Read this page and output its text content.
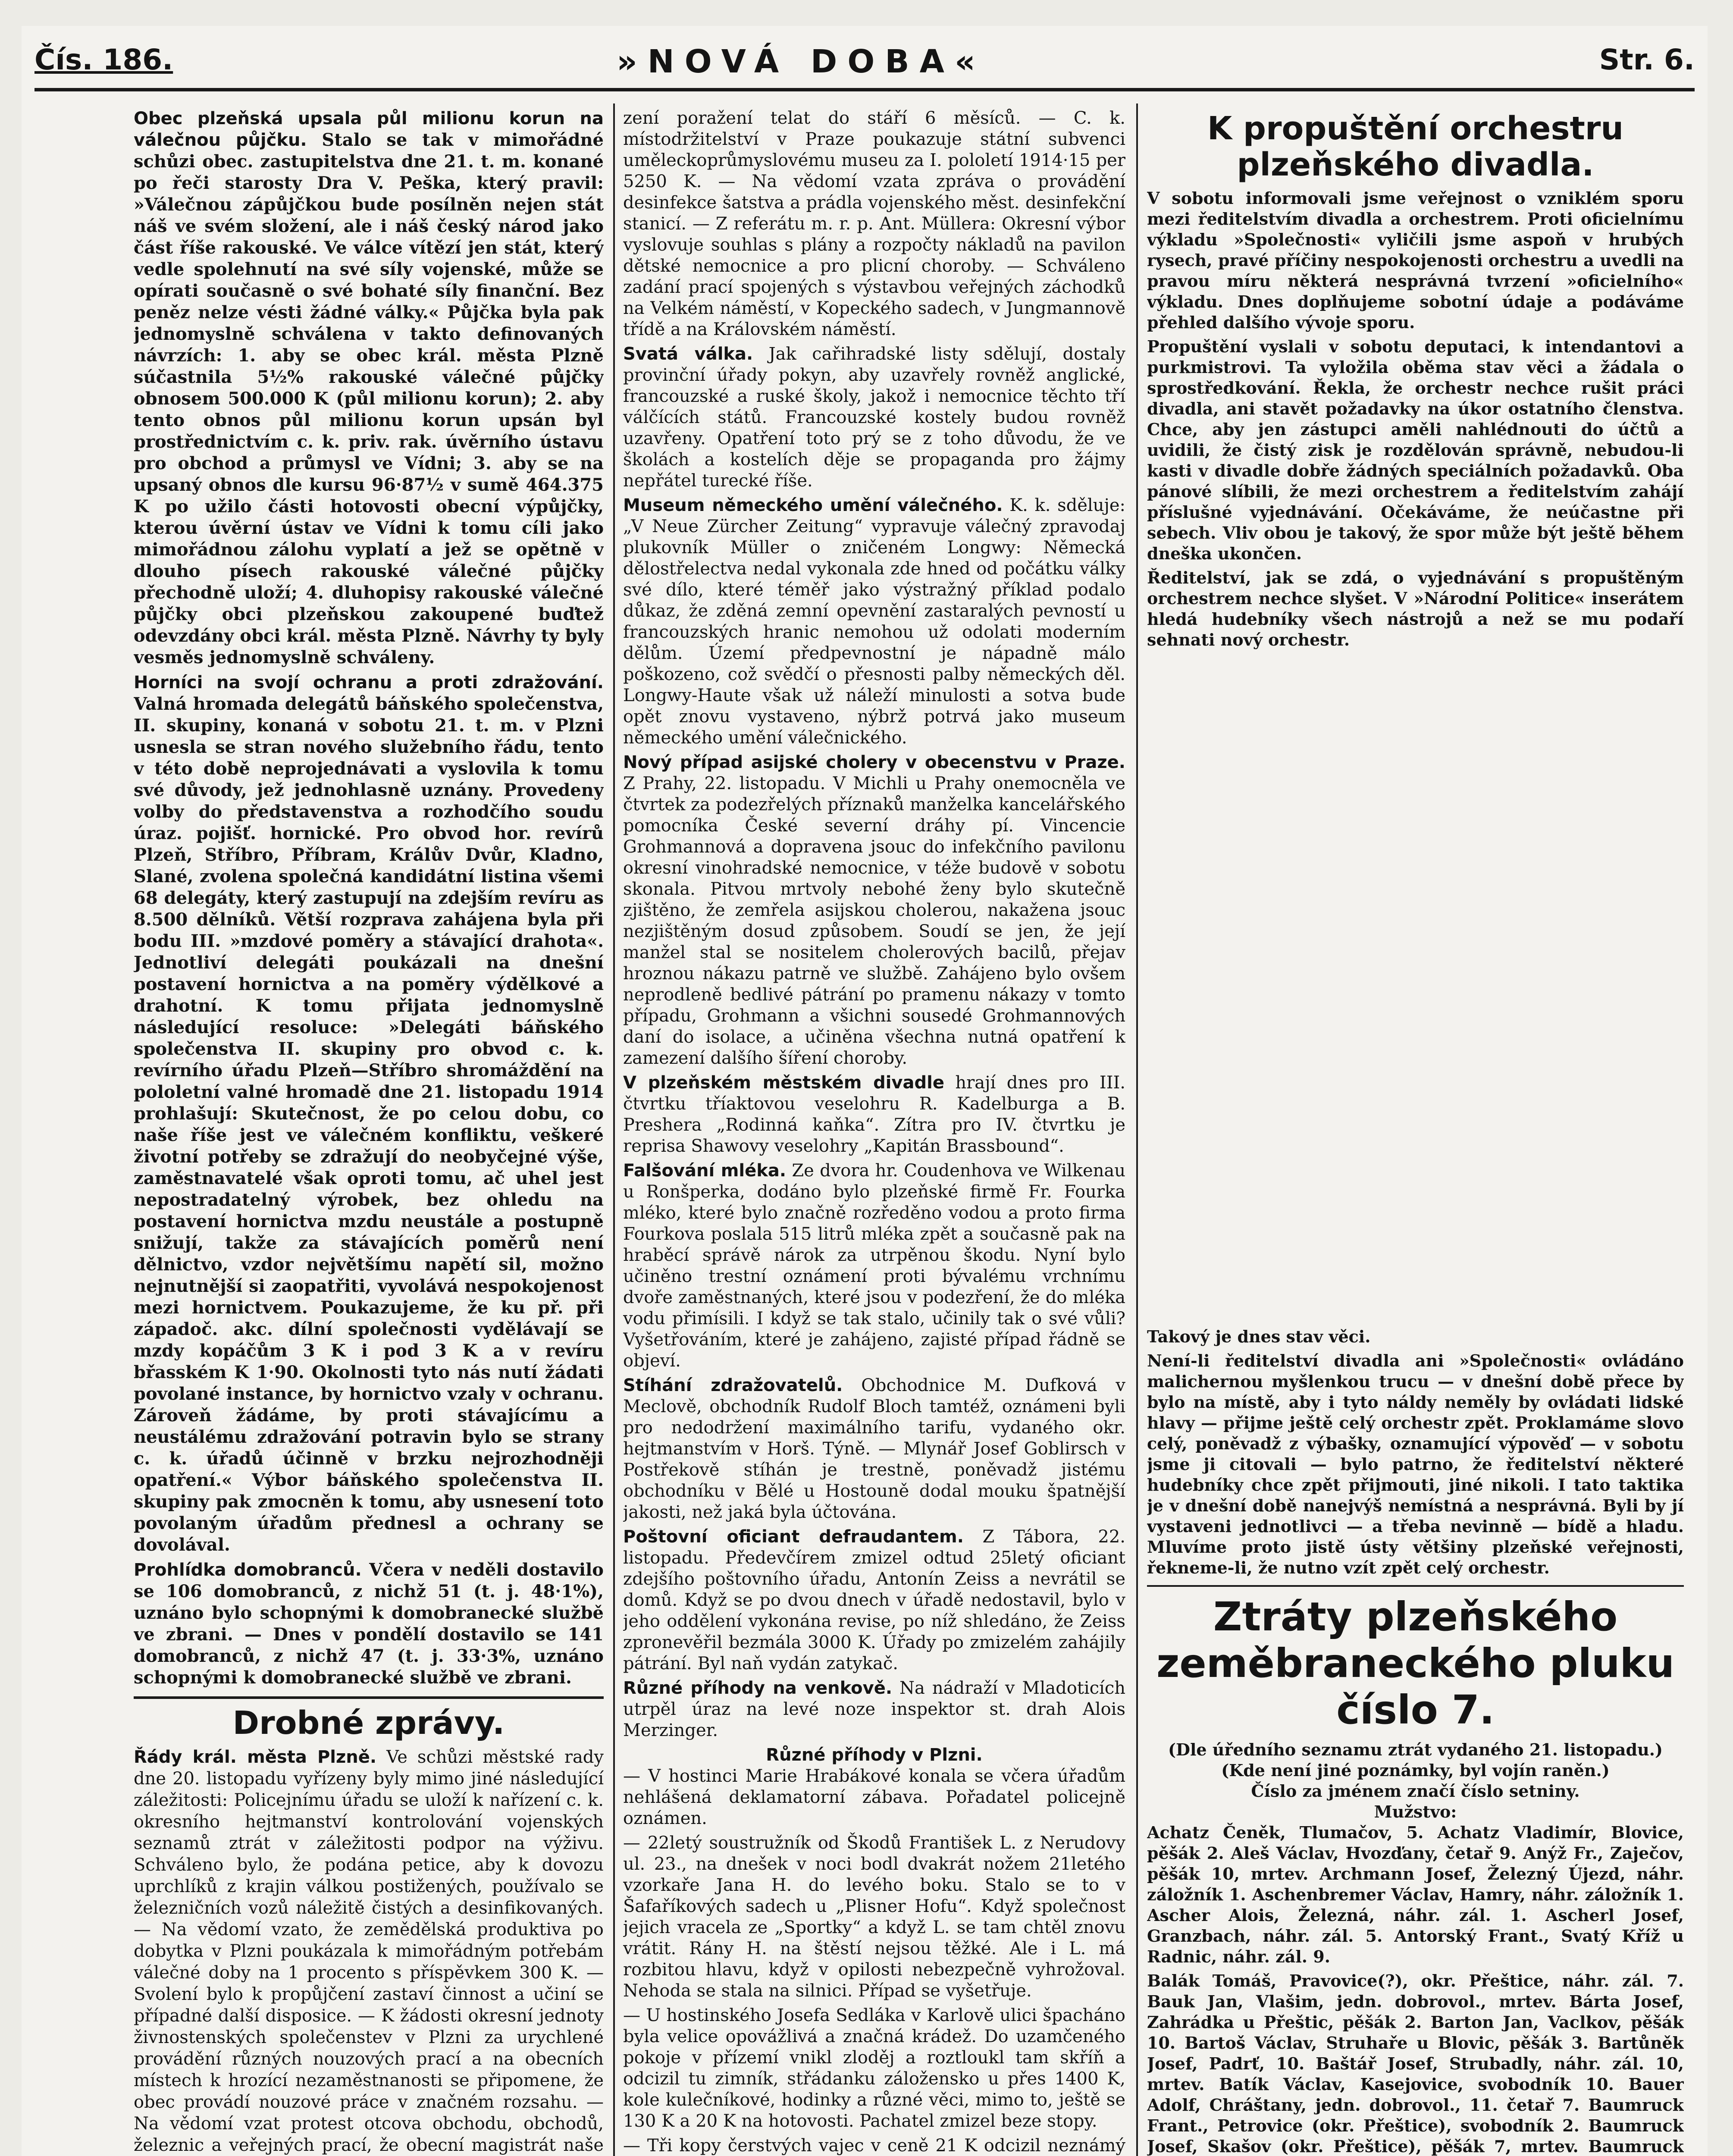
Čís. 186.	»NOVÁ DOBA«	Str. 6.

Obec plzeňská upsala půl milionu korun na válečnou půjčku. Stalo se tak v mimořádné schůzi obec. zastupitelstva dne 21. t. m. konané po řeči starosty Dra V. Peška, který pravil: »Válečnou zápůjčkou bude posílněn nejen stát náš ve svém složení, ale i náš český národ jako část říše rakouské. Ve válce vítězí jen stát, který vedle spolehnutí na své síly vojenské, může se opírati současně o své bohaté síly finanční. Bez peněz nelze vésti žádné války.« Půjčka byla pak jednomyslně schválena v takto definovaných návrzích: 1. aby se obec král. města Plzně súčastnila 5½% rakouské válečné půjčky obnosem 500.000 K (půl milionu korun); 2. aby tento obnos půl milionu korun upsán byl prostřednictvím c. k. priv. rak. úvěrního ústavu pro obchod a průmysl ve Vídni; 3. aby se na upsaný obnos dle kursu 96·87½ v sumě 464.375 K po užilo části hotovosti obecní výpůjčky, kterou úvěrní ústav ve Vídni k tomu cíli jako mimořádnou zálohu vyplatí a jež se opětně v dlouho písech rakouské válečné půjčky přechodně uloží; 4. dluhopisy rakouské válečné půjčky obci plzeňskou zakoupené buďtež odevzdány obci král. města Plzně. Návrhy ty byly vesměs jednomyslně schváleny.

Horníci na svojí ochranu a proti zdražování. Valná hromada delegátů báňského společenstva, II. skupiny, konaná v sobotu 21. t. m. v Plzni usnesla se stran nového služebního řádu, tento v této době neprojednávati a vyslovila k tomu své důvody, jež jednohlasně uznány. Provedeny volby do představenstva a rozhodčího soudu úraz. pojišť. hornické. Pro obvod hor. revírů Plzeň, Stříbro, Příbram, Králův Dvůr, Kladno, Slané, zvolena společná kandidátní listina všemi 68 delegáty, který zastupují na zdejším revíru as 8.500 dělníků. Větší rozprava zahájena byla při bodu III. »mzdové poměry a stávající drahota«. Jednotliví delegáti poukázali na dnešní postavení hornictva a na poměry výdělkové a drahotní. K tomu přijata jednomyslně následující resoluce: »Delegáti báňského společenstva II. skupiny pro obvod c. k. revírního úřadu Plzeň—Stříbro shromáždění na pololetní valné hromadě dne 21. listopadu 1914 prohlašují: Skutečnost, že po celou dobu, co naše říše jest ve válečném konfliktu, veškeré životní potřeby se zdražují do neobyčejné výše, zaměstnavatelé však oproti tomu, ač uhel jest nepostradatelný výrobek, bez ohledu na postavení hornictva mzdu neustále a postupně snižují, takže za stávajících poměrů není dělnictvo, vzdor největšímu napětí sil, možno nejnutnější si zaopatřiti, vyvolává nespokojenost mezi hornictvem. Poukazujeme, že ku př. při západoč. akc. dílní společnosti vydělávají se mzdy kopáčům 3 K i pod 3 K a v revíru břasském K 1·90. Okolnosti tyto nás nutí žádati povolané instance, by hornictvo vzaly v ochranu. Zároveň žádáme, by proti stávajícímu a neustálému zdražování potravin bylo se strany c. k. úřadů účinně v brzku nejrozhodněji opatření.« Výbor báňského společenstva II. skupiny pak zmocněn k tomu, aby usnesení toto povolaným úřadům přednesl a ochrany se dovolával.

Prohlídka domobranců. Včera v neděli dostavilo se 106 domobranců, z nichž 51 (t. j. 48·1%), uznáno bylo schopnými k domobranecké službě ve zbrani. — Dnes v pondělí dostavilo se 141 domobranců, z nichž 47 (t. j. 33·3%, uznáno schopnými k domobranecké službě ve zbrani.

Drobné zprávy.

Řády král. města Plzně. Ve schůzi městské rady dne 20. listopadu vyřízeny byly mimo jiné následující záležitosti: Policejnímu úřadu se uloží k nařízení c. k. okresního hejtmanství kontrolování vojenských seznamů ztrát v záležitosti podpor na výživu. Schváleno bylo, že podána petice, aby k dovozu uprchlíků z krajin válkou postižených, používalo se železničních vozů náležitě čistých a desinfikovaných. — Na vědomí vzato, že zemědělská produktiva po dobytka v Plzni poukázala k mimořádným potřebám válečné doby na 1 procento s příspěvkem 300 K. — Svolení bylo k propůjčení zastaví činnost a učiní se případné další disposice. — K žádosti okresní jednoty živnostenských společenstev v Plzni za urychlené provádění různých nouzových prací a na obecních místech k hrozící nezaměstnanosti se připomene, že obec provádí nouzové práce v značném rozsahu. — Na vědomí vzat protest otcova obchodu, obchodů, železnic a veřejných prací, že obecní magistrát naše

zení poražení telat do stáří 6 měsíců. — C. k. místodržitelství v Praze poukazuje státní subvenci uměleckoprůmyslovému museu za I. pololetí 1914·15 per 5250 K. — Na vědomí vzata zpráva o provádění desinfekce šatstva a prádla vojenského měst. desinfekční stanicí. — Z referátu m. r. p. Ant. Müllera: Okresní výbor vyslovuje souhlas s plány a rozpočty nákladů na pavilon dětské nemocnice a pro plicní choroby. — Schváleno zadání prací spojených s výstavbou veřejných záchodků na Velkém náměstí, v Kopeckého sadech, v Jungmannově třídě a na Královském náměstí.

Svatá válka. Jak cařihradské listy sdělují, dostaly provinční úřady pokyn, aby uzavřely rovněž anglické, francouzské a ruské školy, jakož i nemocnice těchto tří válčících států. Francouzské kostely budou rovněž uzavřeny. Opatření toto prý se z toho důvodu, že ve školách a kostelích děje se propaganda pro žájmy nepřátel turecké říše.

Museum německého umění válečného. K. k. sděluje: „V Neue Zürcher Zeitung“ vypravuje válečný zpravodaj plukovník Müller o zničeném Longwy: Německá dělostřelectva nedal vykonala zde hned od počátku války své dílo, které téměř jako výstražný příklad podalo důkaz, že zděná zemní opevnění zastaralých pevností u francouzských hranic nemohou už odolati moderním dělům. Území předpevnostní je nápadně málo poškozeno, což svědčí o přesnosti palby německých děl. Longwy-Haute však už náleží minulosti a sotva bude opět znovu vystaveno, nýbrž potrvá jako museum německého umění válečnického.

Nový případ asijské cholery v obecenstvu v Praze. Z Prahy, 22. listopadu. V Michli u Prahy onemocněla ve čtvrtek za podezřelých příznaků manželka kancelářského pomocníka České severní dráhy pí. Vincencie Grohmannová a dopravena jsouc do infekčního pavilonu okresní vinohradské nemocnice, v téže budově v sobotu skonala. Pitvou mrtvoly nebohé ženy bylo skutečně zjištěno, že zemřela asijskou cholerou, nakažena jsouc nezjištěným dosud způsobem. Soudí se jen, že její manžel stal se nositelem cholerových bacilů, přejav hroznou nákazu patrně ve službě. Zahájeno bylo ovšem neprodleně bedlivé pátrání po pramenu nákazy v tomto případu, Grohmann a všichni sousedé Grohmannových daní do isolace, a učiněna všechna nutná opatření k zamezení dalšího šíření choroby.

V plzeňském městském divadle hrají dnes pro III. čtvrtku tříaktovou veselohru R. Kadelburga a B. Preshera „Rodinná kaňka“. Zítra pro IV. čtvrtku je reprisa Shawovy veselohry „Kapitán Brassbound“.

Falšování mléka. Ze dvora hr. Coudenhova ve Wilkenau u Ronšperka, dodáno bylo plzeňské firmě Fr. Fourka mléko, které bylo značně rozředěno vodou a proto firma Fourkova poslala 515 litrů mléka zpět a současně pak na hraběcí správě nárok za utrpěnou škodu. Nyní bylo učiněno trestní oznámení proti bývalému vrchnímu dvoře zaměstnaných, které jsou v podezření, že do mléka vodu přimísili. I když se tak stalo, učinily tak o své vůli? Vyšetřováním, které je zahájeno, zajisté případ řádně se objeví.

Stíhání zdražovatelů. Obchodnice M. Dufková v Meclově, obchodník Rudolf Bloch tamtéž, oznámeni byli pro nedodržení maximálního tarifu, vydaného okr. hejtmanstvím v Horš. Týně. — Mlynář Josef Goblirsch v Postřekově stíhán je trestně, poněvadž jistému obchodníku v Bělé u Hostouně dodal mouku špatnější jakosti, než jaká byla účtována.

Poštovní oficiant defraudantem. Z Tábora, 22. listopadu. Předevčírem zmizel odtud 25letý oficiant zdejšího poštovního úřadu, Antonín Zeiss a nevrátil se domů. Když se po dvou dnech v úřadě nedostavil, bylo v jeho oddělení vykonána revise, po níž shledáno, že Zeiss zpronevěřil bezmála 3000 K. Úřady po zmizelém zahájily pátrání. Byl naň vydán zatykač.

Různé příhody na venkově. Na nádraží v Mladoticích utrpěl úraz na levé noze inspektor st. drah Alois Merzinger.

Různé příhody v Plzni.

— V hostinci Marie Hrabákové konala se včera úřadům nehlášená deklamatorní zábava. Pořadatel policejně oznámen.

— 22letý soustružník od Škodů František L. z Nerudovy ul. 23., na dnešek v noci bodl dvakrát nožem 21letého vzorkaře Jana H. do levého boku. Stalo se to v Šafaříkových sadech u „Plisner Hofu“. Když společnost jejich vracela ze „Sportky“ a když L. se tam chtěl znovu vrátit. Rány H. na štěstí nejsou těžké. Ale i L. má rozbitou hlavu, když v opilosti nebezpečně vyhrožoval. Nehoda se stala na silnici. Případ se vyšetřuje.

— U hostinského Josefa Sedláka v Karlově ulici špacháno byla velice opovážlivá a značná krádež. Do uzamčeného pokoje v přízemí vnikl zloděj a roztloukl tam skříň a odcizil tu zimník, střádanku záložensko u přes 1400 K, kole kulečníkové, hodinky a různé věci, mimo to, ještě se 130 K a 20 K na hotovosti. Pachatel zmizel beze stopy.

— Tři kopy čerstvých vajec v ceně 21 K odcizil neznámý

K propuštění orchestru plzeňského divadla.

V sobotu informovali jsme veřejnost o vzniklém sporu mezi ředitelstvím divadla a orchestrem. Proti oficielnímu výkladu »Společnosti« vyličili jsme aspoň v hrubých rysech, pravé příčiny nespokojenosti orchestru a uvedli na pravou míru některá nesprávná tvrzení »oficielního« výkladu. Dnes doplňujeme sobotní údaje a podáváme přehled dalšího vývoje sporu.

Propuštění vyslali v sobotu deputaci, k intendantovi a purkmistrovi. Ta vyložila oběma stav věci a žádala o sprostředkování. Řekla, že orchestr nechce rušit práci divadla, ani stavět požadavky na úkor ostatního členstva. Chce, aby jen zástupci aměli nahlédnouti do účtů a uvidili, že čistý zisk je rozdělován správně, nebudou-li kasti v divadle dobře žádných speciálních požadavků. Oba pánové slíbili, že mezi orchestrem a ředitelstvím zahájí příslušné vyjednávání. Očekáváme, že neúčastne při sebech. Vliv obou je takový, že spor může být ještě během dneška ukončen.

Ředitelství, jak se zdá, o vyjednávání s propuštěným orchestrem nechce slyšet. V »Národní Politice« inserátem hledá hudebníky všech nástrojů a než se mu podaří sehnati nový orchestr.

Takový je dnes stav věci.

Není-li ředitelství divadla ani »Společnosti« ovládáno malichernou myšlenkou trucu — v dnešní době přece by bylo na místě, aby i tyto náldy neměly by ovládati lidské hlavy — přijme ještě celý orchestr zpět. Proklamáme slovo celý, poněvadž z výbašky, oznamující výpověď — v sobotu jsme ji citovali — bylo patrno, že ředitelství některé hudebníky chce zpět přijmouti, jiné nikoli. I tato taktika je v dnešní době nanejvýš nemístná a nesprávná. Byli by jí vystaveni jednotlivci — a třeba nevinně — bídě a hladu. Mluvíme proto jistě ústy většiny plzeňské veřejnosti, řekneme-li, že nutno vzít zpět celý orchestr.

Ztráty plzeňského zeměbraneckého pluku číslo 7.

(Dle úředního seznamu ztrát vydaného 21. listopadu.)

(Kde není jiné poznámky, byl vojín raněn.)

Číslo za jménem značí číslo setniny.

Mužstvo:

Achatz Čeněk, Tlumačov, 5. Achatz Vladimír, Blovice, pěšák 2. Aleš Václav, Hvozďany, četař 9. Anýž Fr., Zaječov, pěšák 10, mrtev. Archmann Josef, Železný Újezd, náhr. záložník 1. Aschenbremer Václav, Hamry, náhr. záložník 1. Ascher Alois, Železná, náhr. zál. 1. Ascherl Josef, Granzbach, náhr. zál. 5. Antorský Frant., Svatý Kříž u Radnic, náhr. zál. 9.

Balák Tomáš, Pravovice(?), okr. Přeštice, náhr. zál. 7. Bauk Jan, Vlašim, jedn. dobrovol., mrtev. Bárta Josef, Zahrádka u Přeštic, pěšák 2. Barton Jan, Vaclkov, pěšák 10. Bartoš Václav, Struhaře u Blovic, pěšák 3. Bartůněk Josef, Padrť, 10. Baštář Josef, Strubadly, náhr. zál. 10, mrtev. Batík Václav, Kasejovice, svobodník 10. Bauer Adolf, Chráštany, jedn. dobrovol., 11. četař 7. Baumruck Frant., Petrovice (okr. Přeštice), svobodník 2. Baumruck Josef, Skašov (okr. Přeštice), pěšák 7, mrtev. Baumruck
